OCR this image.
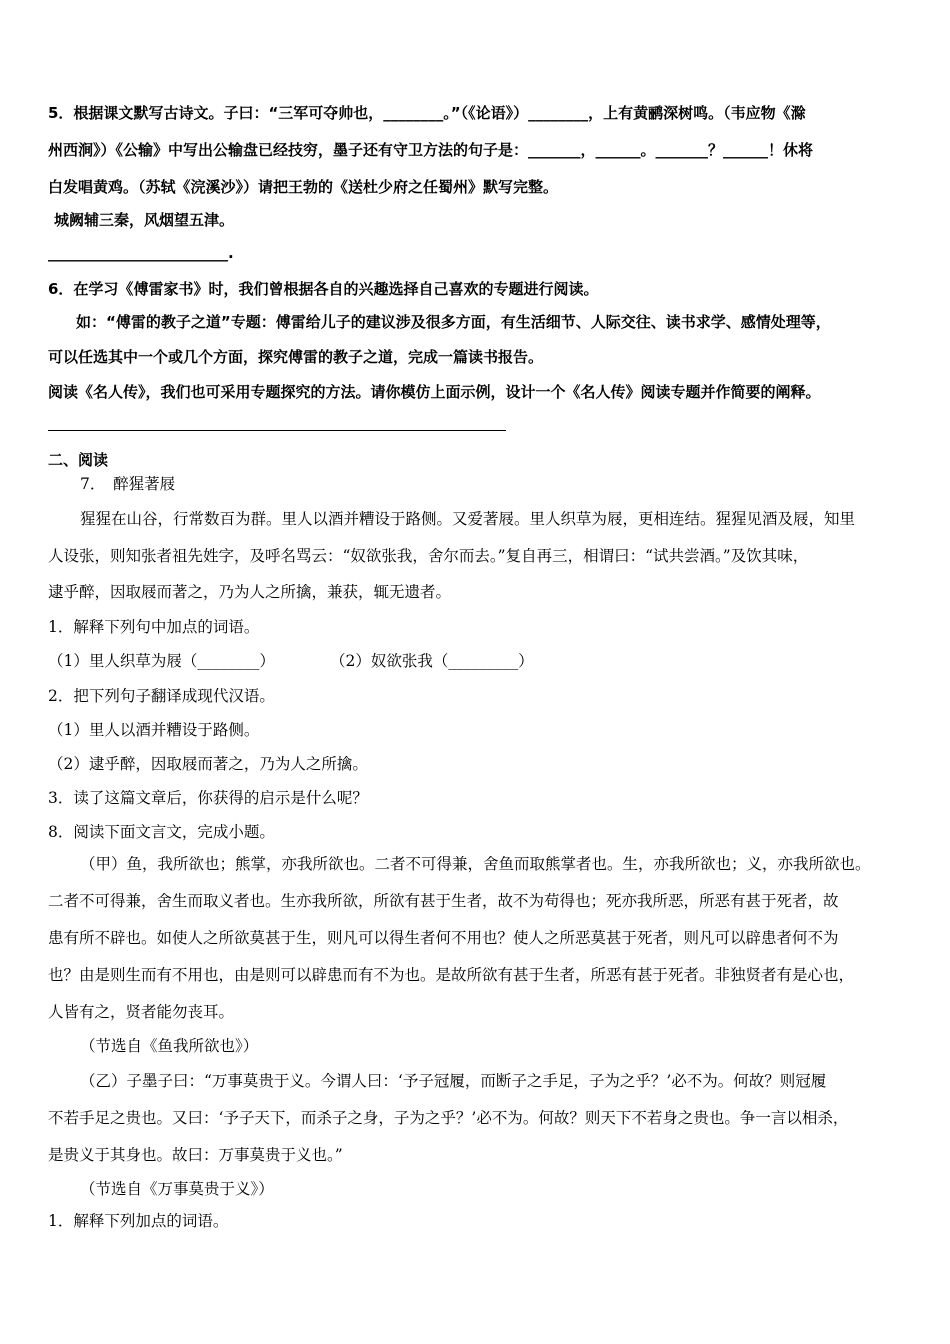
5．根据课文默写古诗文。子曰：“三军可夺帅也，________。”（《论语》）________，上有黄鹂深树鸣。（韦应物《滁
州西涧》）《公输》中写出公输盘已经技穷，墨子还有守卫方法的句子是：_______，______。_______？______！休将
白发唱黄鸡。（苏轼《浣溪沙》）请把王勃的《送杜少府之任蜀州》默写完整。
城阙辅三秦，风烟望五津。
________________________.
6．在学习《傅雷家书》时，我们曾根据各自的兴趣选择自己喜欢的专题进行阅读。
如：“傅雷的教子之道”专题：傅雷给儿子的建议涉及很多方面，有生活细节、人际交往、读书求学、感情处理等，
可以任选其中一个或几个方面，探究傅雷的教子之道，完成一篇读书报告。
阅读《名人传》，我们也可采用专题探究的方法。请你模仿上面示例，设计一个《名人传》阅读专题并作简要的阐释。
二、阅读
7．　醉猩著屐
猩猩在山谷，行常数百为群。里人以酒并糟设于路侧。又爱著屐。里人织草为屐，更相连结。猩猩见酒及屐，知里
人设张，则知张者祖先姓字，及呼名骂云：“奴欲张我，舍尔而去。”复自再三，相谓曰：“试共尝酒。”及饮其味，
逮乎醉，因取屐而著之，乃为人之所擒，兼获，辄无遗者。
1．解释下列句中加点的词语。
（1）里人织草为屐（________）	（2）奴欲张我（_________）
2．把下列句子翻译成现代汉语。
（1）里人以酒并糟设于路侧。
（2）逮乎醉，因取屐而著之，乃为人之所擒。
3．读了这篇文章后，你获得的启示是什么呢？
8．阅读下面文言文，完成小题。
（甲）鱼，我所欲也；熊掌，亦我所欲也。二者不可得兼，舍鱼而取熊掌者也。生，亦我所欲也；义，亦我所欲也。
二者不可得兼，舍生而取义者也。生亦我所欲，所欲有甚于生者，故不为苟得也；死亦我所恶，所恶有甚于死者，故
患有所不辟也。如使人之所欲莫甚于生，则凡可以得生者何不用也？使人之所恶莫甚于死者，则凡可以辟患者何不为
也？由是则生而有不用也，由是则可以辟患而有不为也。是故所欲有甚于生者，所恶有甚于死者。非独贤者有是心也，
人皆有之，贤者能勿丧耳。
（节选自《鱼我所欲也》）
（乙）子墨子曰：“万事莫贵于义。今谓人曰：‘予子冠履，而断子之手足，子为之乎？’必不为。何故？则冠履
不若手足之贵也。又曰：‘予子天下，而杀子之身，子为之乎？’必不为。何故？则天下不若身之贵也。争一言以相杀，
是贵义于其身也。故曰：万事莫贵于义也。”
（节选自《万事莫贵于义》）
1．解释下列加点的词语。
